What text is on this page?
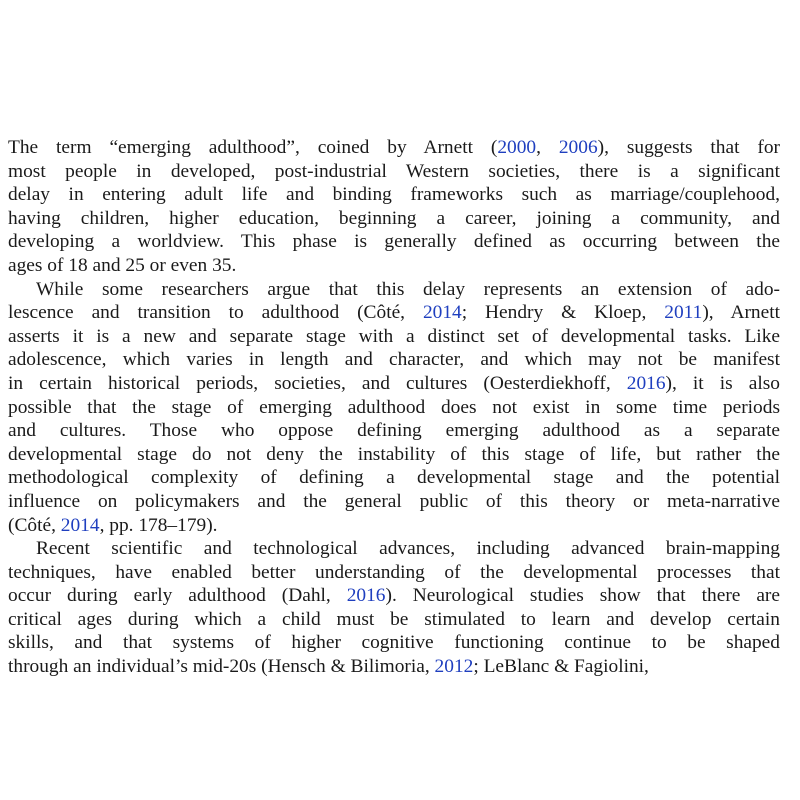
The term “emerging adulthood”, coined by Arnett (2000, 2006), suggests that for
most people in developed, post-industrial Western societies, there is a significant
delay in entering adult life and binding frameworks such as marriage/couplehood,
having children, higher education, beginning a career, joining a community, and
developing a worldview. This phase is generally defined as occurring between the
ages of 18 and 25 or even 35.
While some researchers argue that this delay represents an extension of ado-
lescence and transition to adulthood (Côté, 2014; Hendry & Kloep, 2011), Arnett
asserts it is a new and separate stage with a distinct set of developmental tasks. Like
adolescence, which varies in length and character, and which may not be manifest
in certain historical periods, societies, and cultures (Oesterdiekhoff, 2016), it is also
possible that the stage of emerging adulthood does not exist in some time periods
and cultures. Those who oppose defining emerging adulthood as a separate
developmental stage do not deny the instability of this stage of life, but rather the
methodological complexity of defining a developmental stage and the potential
influence on policymakers and the general public of this theory or meta-narrative
(Côté, 2014, pp. 178–179).
Recent scientific and technological advances, including advanced brain-mapping
techniques, have enabled better understanding of the developmental processes that
occur during early adulthood (Dahl, 2016). Neurological studies show that there are
critical ages during which a child must be stimulated to learn and develop certain
skills, and that systems of higher cognitive functioning continue to be shaped
through an individual’s mid-20s (Hensch & Bilimoria, 2012; LeBlanc & Fagiolini,
